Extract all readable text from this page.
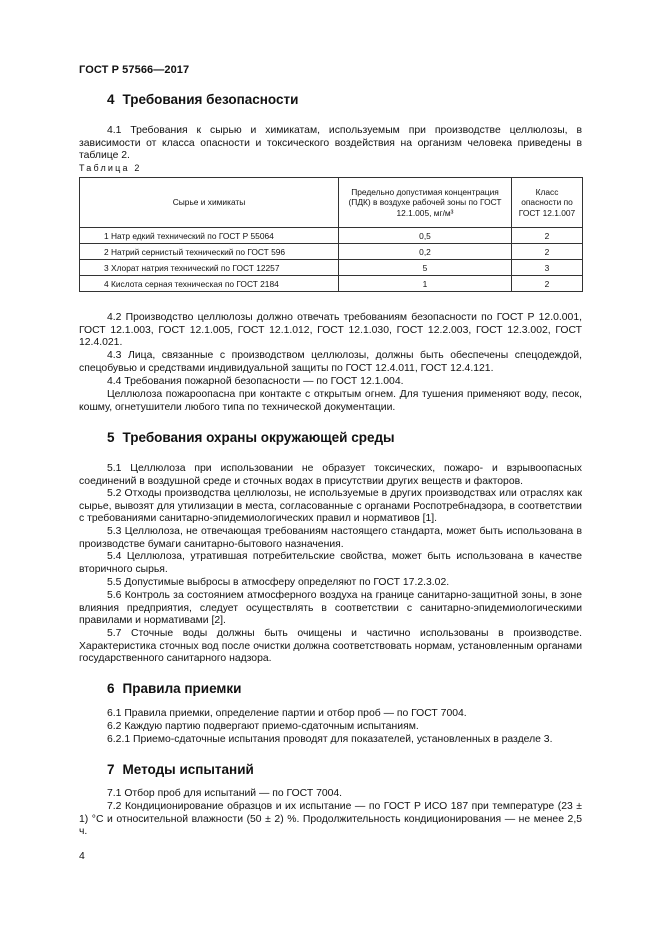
ГОСТ Р 57566—2017
4 Требования безопасности

4.1 Требования к сырью и химикатам, используемым при производстве целлюлозы, в зависимости от класса опасности и токсического воздействия на организм человека приведены в таблице 2.

Таблица 2
Сырье и химикаты	Предельно допустимая концентрация (ПДК) в воздухе рабочей зоны по ГОСТ 12.1.005, мг/м³	Класс опасности по ГОСТ 12.1.007
1 Натр едкий технический по ГОСТ Р 55064	0,5	2
2 Натрий сернистый технический по ГОСТ 596	0,2	2
3 Хлорат натрия технический по ГОСТ 12257	5	3
4 Кислота серная техническая по ГОСТ 2184	1	2

4.2 Производство целлюлозы должно отвечать требованиям безопасности по ГОСТ Р 12.0.001, ГОСТ 12.1.003, ГОСТ 12.1.005, ГОСТ 12.1.012, ГОСТ 12.1.030, ГОСТ 12.2.003, ГОСТ 12.3.002, ГОСТ 12.4.021.

4.3 Лица, связанные с производством целлюлозы, должны быть обеспечены спецодеждой, спецобувью и средствами индивидуальной защиты по ГОСТ 12.4.011, ГОСТ 12.4.121.

4.4 Требования пожарной безопасности — по ГОСТ 12.1.004.

Целлюлоза пожароопасна при контакте с открытым огнем. Для тушения применяют воду, песок, кошму, огнетушители любого типа по технической документации.

5 Требования охраны окружающей среды

5.1 Целлюлоза при использовании не образует токсических, пожаро- и взрывоопасных соединений в воздушной среде и сточных водах в присутствии других веществ и факторов.

5.2 Отходы производства целлюлозы, не используемые в других производствах или отраслях как сырье, вывозят для утилизации в места, согласованные с органами Роспотребнадзора, в соответствии с требованиями санитарно-эпидемиологических правил и нормативов [1].

5.3 Целлюлоза, не отвечающая требованиям настоящего стандарта, может быть использована в производстве бумаги санитарно-бытового назначения.

5.4 Целлюлоза, утратившая потребительские свойства, может быть использована в качестве вторичного сырья.

5.5 Допустимые выбросы в атмосферу определяют по ГОСТ 17.2.3.02.

5.6 Контроль за состоянием атмосферного воздуха на границе санитарно-защитной зоны, в зоне влияния предприятия, следует осуществлять в соответствии с санитарно-эпидемиологическими правилами и нормативами [2].

5.7 Сточные воды должны быть очищены и частично использованы в производстве. Характеристика сточных вод после очистки должна соответствовать нормам, установленным органами государственного санитарного надзора.

6 Правила приемки

6.1 Правила приемки, определение партии и отбор проб — по ГОСТ 7004.

6.2 Каждую партию подвергают приемо-сдаточным испытаниям.

6.2.1 Приемо-сдаточные испытания проводят для показателей, установленных в разделе 3.

7 Методы испытаний

7.1 Отбор проб для испытаний — по ГОСТ 7004.

7.2 Кондиционирование образцов и их испытание — по ГОСТ Р ИСО 187 при температуре (23 ± 1) °С и относительной влажности (50 ± 2) %. Продолжительность кондиционирования — не менее 2,5 ч.

4
